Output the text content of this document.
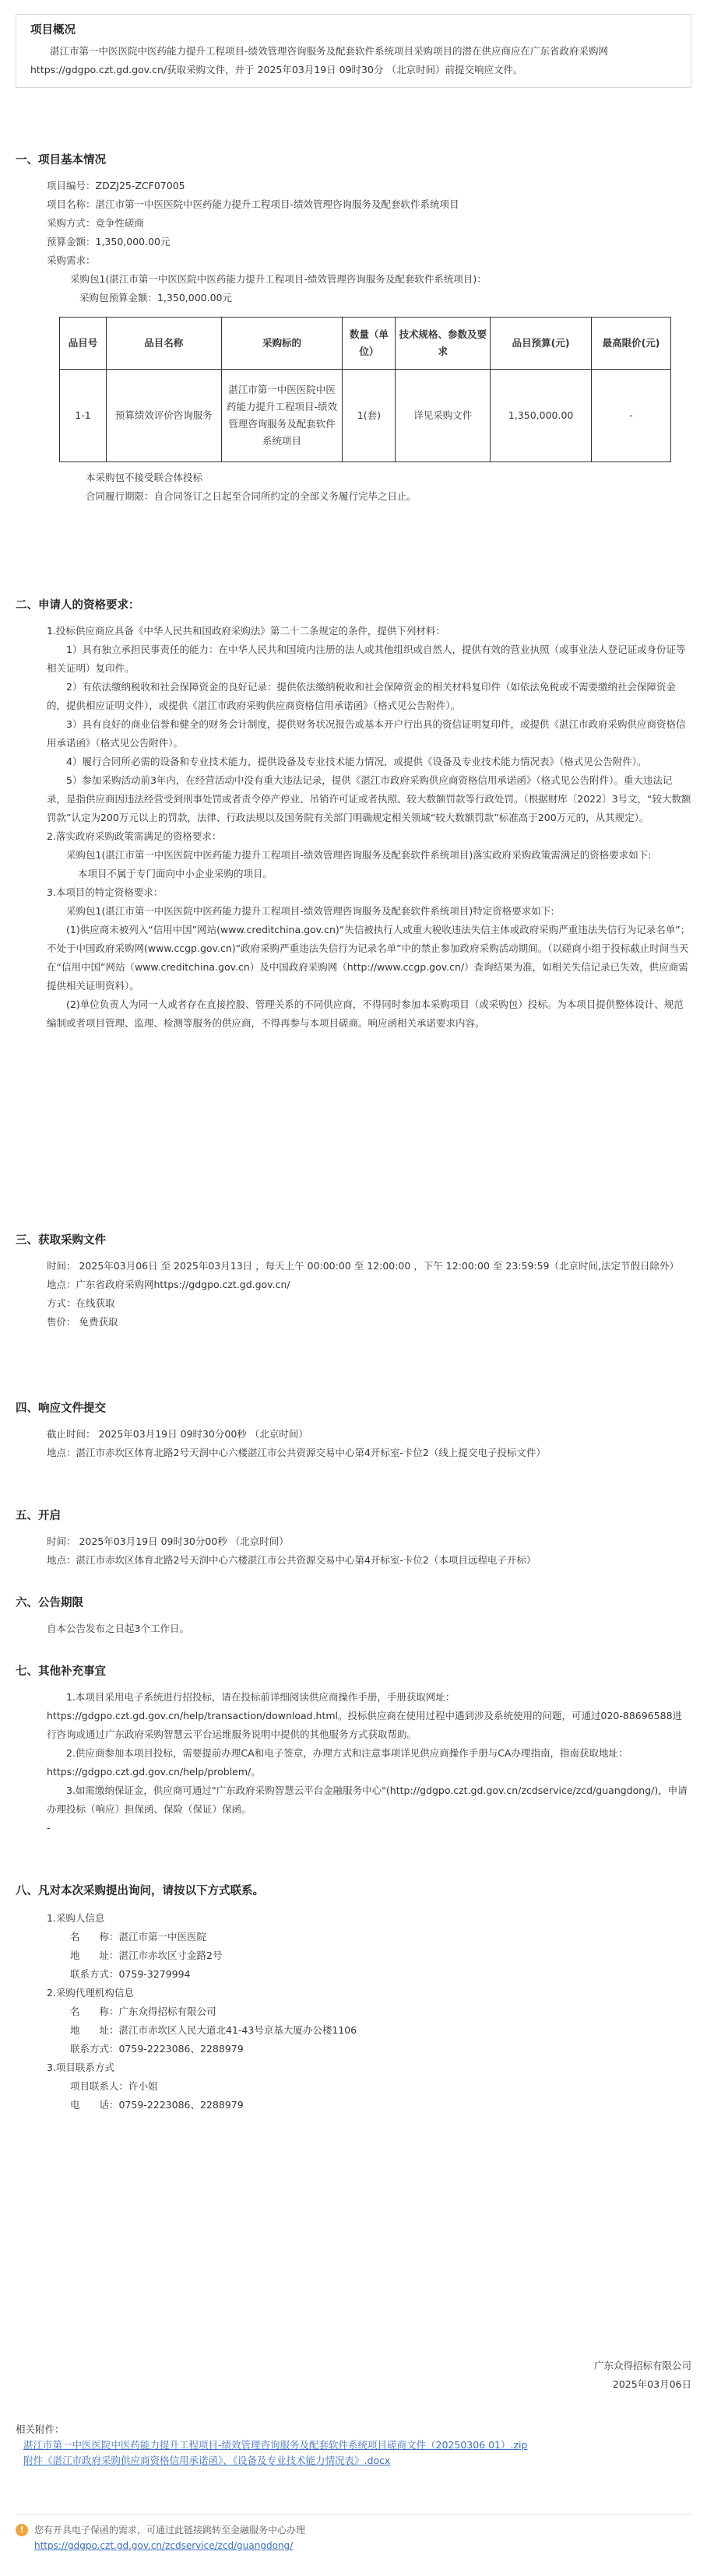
项目概况
湛江市第一中医医院中医药能力提升工程项目-绩效管理咨询服务及配套软件系统项目采购项目的潜在供应商应在广东省政府采购网https://gdgpo.czt.gd.gov.cn/获取采购文件，并于 2025年03月19日 09时30分 （北京时间）前提交响应文件。
一、项目基本情况
项目编号：ZDZJ25-ZCF07005
项目名称：湛江市第一中医医院中医药能力提升工程项目-绩效管理咨询服务及配套软件系统项目
采购方式：竞争性磋商
预算金额：1,350,000.00元
采购需求：
采购包1(湛江市第一中医医院中医药能力提升工程项目-绩效管理咨询服务及配套软件系统项目)：
采购包预算金额：1,350,000.00元
品目号	品目名称	采购标的	数量（单位）	技术规格、参数及要求	品目预算(元)	最高限价(元)
1-1	预算绩效评价咨询服务	湛江市第一中医医院中医药能力提升工程项目-绩效管理咨询服务及配套软件系统项目	1(套)	详见采购文件	1,350,000.00	-
本采购包不接受联合体投标
合同履行期限：自合同签订之日起至合同所约定的全部义务履行完毕之日止。
二、申请人的资格要求：
1.投标供应商应具备《中华人民共和国政府采购法》第二十二条规定的条件，提供下列材料：
1）具有独立承担民事责任的能力：在中华人民共和国境内注册的法人或其他组织或自然人，提供有效的营业执照（或事业法人登记证或身份证等相关证明）复印件。
2）有依法缴纳税收和社会保障资金的良好记录：提供依法缴纳税收和社会保障资金的相关材料复印件（如依法免税或不需要缴纳社会保障资金的，提供相应证明文件），或提供《湛江市政府采购供应商资格信用承诺函》（格式见公告附件）。
3）具有良好的商业信誉和健全的财务会计制度，提供财务状况报告或基本开户行出具的资信证明复印件，或提供《湛江市政府采购供应商资格信用承诺函》（格式见公告附件）。
4）履行合同所必需的设备和专业技术能力，提供设备及专业技术能力情况，或提供《设备及专业技术能力情况表》（格式见公告附件）。
5）参加采购活动前3年内，在经营活动中没有重大违法记录，提供《湛江市政府采购供应商资格信用承诺函》（格式见公告附件）。重大违法记录，是指供应商因违法经营受到刑事处罚或者责令停产停业、吊销许可证或者执照、较大数额罚款等行政处罚。（根据财库〔2022〕3号文，“较大数额罚款”认定为200万元以上的罚款，法律、行政法规以及国务院有关部门明确规定相关领域“较大数额罚款”标准高于200万元的，从其规定）。
2.落实政府采购政策需满足的资格要求：
采购包1(湛江市第一中医医院中医药能力提升工程项目-绩效管理咨询服务及配套软件系统项目)落实政府采购政策需满足的资格要求如下:
本项目不属于专门面向中小企业采购的项目。
3.本项目的特定资格要求：
采购包1(湛江市第一中医医院中医药能力提升工程项目-绩效管理咨询服务及配套软件系统项目)特定资格要求如下:
(1)供应商未被列入“信用中国”网站(www.creditchina.gov.cn)“失信被执行人或重大税收违法失信主体或政府采购严重违法失信行为记录名单”；不处于中国政府采购网(www.ccgp.gov.cn)“政府采购严重违法失信行为记录名单”中的禁止参加政府采购活动期间。（以磋商小组于投标截止时间当天在“信用中国”网站（www.creditchina.gov.cn）及中国政府采购网（http://www.ccgp.gov.cn/）查询结果为准，如相关失信记录已失效，供应商需提供相关证明资料）。
(2)单位负责人为同一人或者存在直接控股、管理关系的不同供应商，不得同时参加本采购项目（或采购包）投标。为本项目提供整体设计、规范编制或者项目管理、监理、检测等服务的供应商，不得再参与本项目磋商。响应函相关承诺要求内容。
三、获取采购文件
时间： 2025年03月06日 至 2025年03月13日 ，每天上午 00:00:00 至 12:00:00 ，下午 12:00:00 至 23:59:59（北京时间,法定节假日除外）
地点：广东省政府采购网https://gdgpo.czt.gd.gov.cn/
方式：在线获取
售价： 免费获取
四、响应文件提交
截止时间： 2025年03月19日 09时30分00秒 （北京时间）
地点：湛江市赤坎区体育北路2号天润中心六楼湛江市公共资源交易中心第4开标室-卡位2（线上提交电子投标文件）
五、开启
时间： 2025年03月19日 09时30分00秒 （北京时间）
地点：湛江市赤坎区体育北路2号天润中心六楼湛江市公共资源交易中心第4开标室-卡位2（本项目远程电子开标）
六、公告期限
自本公告发布之日起3个工作日。
七、其他补充事宜
1.本项目采用电子系统进行招投标，请在投标前详细阅读供应商操作手册，手册获取网址：https://gdgpo.czt.gd.gov.cn/help/transaction/download.html。投标供应商在使用过程中遇到涉及系统使用的问题，可通过020-88696588进行咨询或通过广东政府采购智慧云平台运维服务说明中提供的其他服务方式获取帮助。
2.供应商参加本项目投标，需要提前办理CA和电子签章，办理方式和注意事项详见供应商操作手册与CA办理指南，指南获取地址：https://gdgpo.czt.gd.gov.cn/help/problem/。
3.如需缴纳保证金，供应商可通过"广东政府采购智慧云平台金融服务中心"(http://gdgpo.czt.gd.gov.cn/zcdservice/zcd/guangdong/)，申请办理投标（响应）担保函、保险（保证）保函。
-
八、凡对本次采购提出询问，请按以下方式联系。
1.采购人信息
名　　称：湛江市第一中医医院
地　　址：湛江市赤坎区寸金路2号
联系方式：0759-3279994
2.采购代理机构信息
名　　称：广东众得招标有限公司
地　　址：湛江市赤坎区人民大道北41-43号京基大厦办公楼1106
联系方式：0759-2223086、2288979
3.项目联系方式
项目联系人：许小姐
电　　话：0759-2223086、2288979
广东众得招标有限公司
2025年03月06日
相关附件：
湛江市第一中医医院中医药能力提升工程项目-绩效管理咨询服务及配套软件系统项目磋商文件（20250306 01）.zip
附件《湛江市政府采购供应商资格信用承诺函》、《设备及专业技术能力情况表》.docx
!	您有开具电子保函的需求，可通过此链接跳转至金融服务中心办理
https://gdgpo.czt.gd.gov.cn/zcdservice/zcd/guangdong/
